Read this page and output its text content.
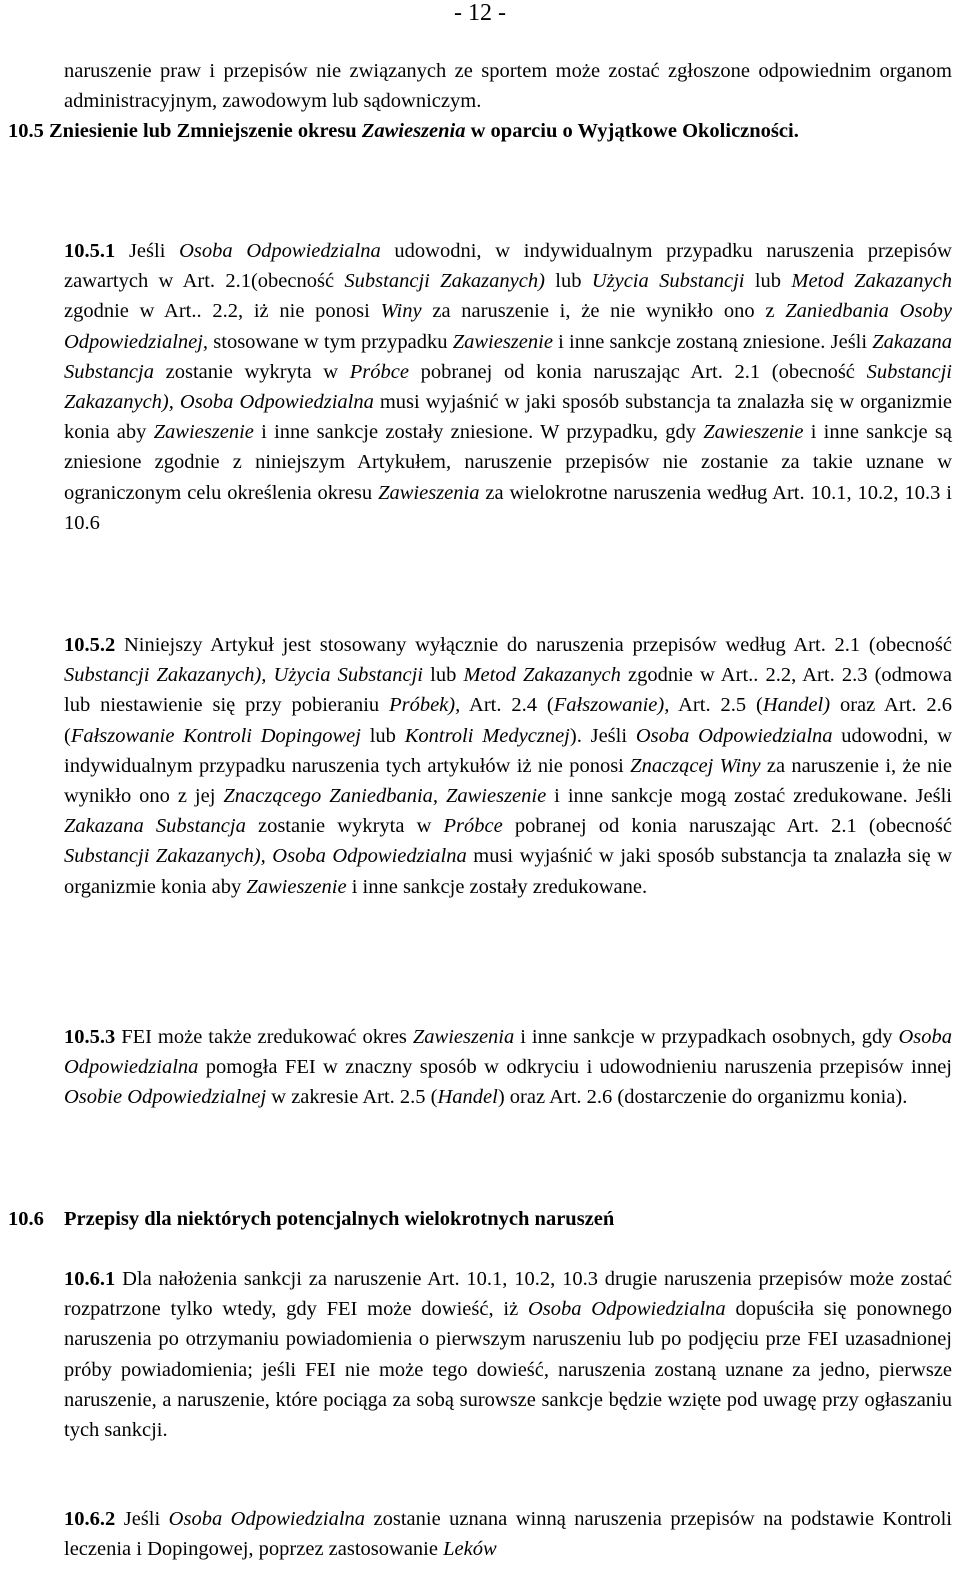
- 12 -

naruszenie praw i przepisów nie związanych ze sportem może zostać zgłoszone odpowiednim organom administracyjnym, zawodowym lub sądowniczym.

10.5 Zniesienie lub Zmniejszenie okresu Zawieszenia w oparciu o Wyjątkowe Okoliczności.

10.5.1 Jeśli Osoba Odpowiedzialna udowodni, w indywidualnym przypadku naruszenia przepisów zawartych w Art. 2.1(obecność Substancji Zakazanych) lub Użycia Substancji lub Metod Zakazanych zgodnie w Art.. 2.2, iż nie ponosi Winy za naruszenie i, że nie wynikło ono z Zaniedbania Osoby Odpowiedzialnej, stosowane w tym przypadku Zawieszenie i inne sankcje zostaną zniesione. Jeśli Zakazana Substancja zostanie wykryta w Próbce pobranej od konia naruszając Art. 2.1 (obecność Substancji Zakazanych), Osoba Odpowiedzialna musi wyjaśnić w jaki sposób substancja ta znalazła się w organizmie konia aby Zawieszenie i inne sankcje zostały zniesione. W przypadku, gdy Zawieszenie i inne sankcje są zniesione zgodnie z niniejszym Artykułem, naruszenie przepisów nie zostanie za takie uznane w ograniczonym celu określenia okresu Zawieszenia za wielokrotne naruszenia według Art. 10.1, 10.2, 10.3 i 10.6

10.5.2 Niniejszy Artykuł jest stosowany wyłącznie do naruszenia przepisów według Art. 2.1 (obecność Substancji Zakazanych), Użycia Substancji lub Metod Zakazanych zgodnie w Art.. 2.2, Art. 2.3 (odmowa lub niestawienie się przy pobieraniu Próbek), Art. 2.4 (Fałszowanie), Art. 2.5 (Handel) oraz Art. 2.6 (Fałszowanie Kontroli Dopingowej lub Kontroli Medycznej). Jeśli Osoba Odpowiedzialna udowodni, w indywidualnym przypadku naruszenia tych artykułów iż nie ponosi Znaczącej Winy za naruszenie i, że nie wynikło ono z jej Znaczącego Zaniedbania, Zawieszenie i inne sankcje mogą zostać zredukowane. Jeśli Zakazana Substancja zostanie wykryta w Próbce pobranej od konia naruszając Art. 2.1 (obecność Substancji Zakazanych), Osoba Odpowiedzialna musi wyjaśnić w jaki sposób substancja ta znalazła się w organizmie konia aby Zawieszenie i inne sankcje zostały zredukowane.

10.5.3 FEI może także zredukować okres Zawieszenia i inne sankcje w przypadkach osobnych, gdy Osoba Odpowiedzialna pomogła FEI w znaczny sposób w odkryciu i udowodnieniu naruszenia przepisów innej Osobie Odpowiedzialnej w zakresie Art. 2.5 (Handel) oraz Art. 2.6 (dostarczenie do organizmu konia).

10.6 Przepisy dla niektórych potencjalnych wielokrotnych naruszeń

10.6.1 Dla nałożenia sankcji za naruszenie Art. 10.1, 10.2, 10.3 drugie naruszenia przepisów może zostać rozpatrzone tylko wtedy, gdy FEI może dowieść, iż Osoba Odpowiedzialna dopuściła się ponownego naruszenia po otrzymaniu powiadomienia o pierwszym naruszeniu lub po podjęciu prze FEI uzasadnionej próby powiadomienia; jeśli FEI nie może tego dowieść, naruszenia zostaną uznane za jedno, pierwsze naruszenie, a naruszenie, które pociąga za sobą surowsze sankcje będzie wzięte pod uwagę przy ogłaszaniu tych sankcji.

10.6.2 Jeśli Osoba Odpowiedzialna zostanie uznana winną naruszenia przepisów na podstawie Kontroli leczenia i Dopingowej, poprzez zastosowanie Leków
